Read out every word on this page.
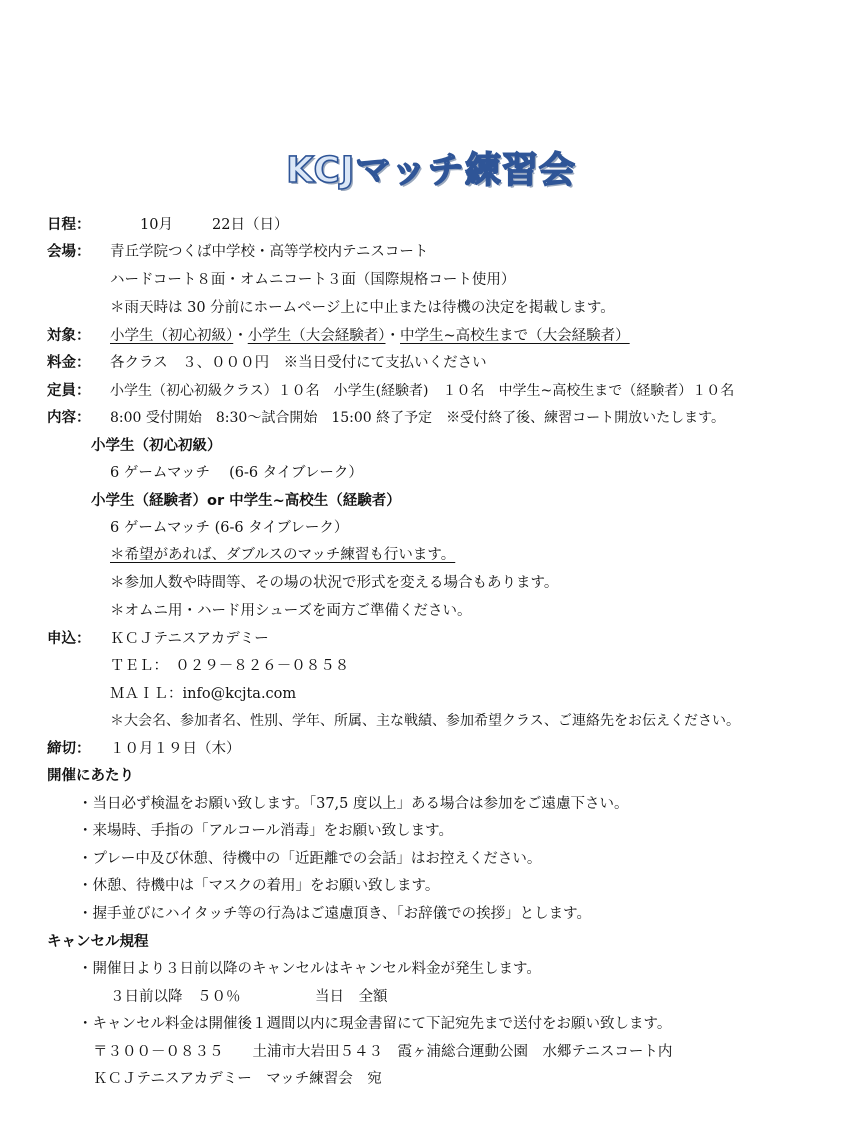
KCJマッチ練習会
日程：	10月	22日（日）
会場： 青丘学院つくば中学校・高等学校内テニスコート
ハードコート８面・オムニコート３面（国際規格コート使用）
＊雨天時は 30 分前にホームページ上に中止または待機の決定を掲載します。
対象： 小学生（初心初級）・小学生（大会経験者）・中学生~高校生まで（大会経験者）
料金： 各クラス　３、０００円　※当日受付にて支払いください
定員： 小学生（初心初級クラス）１０名　小学生(経験者)　１０名　中学生~高校生まで（経験者）１０名
内容： 8:00 受付開始　8:30～試合開始　15:00 終了予定　※受付終了後、練習コート開放いたします。
小学生（初心初級）
6 ゲームマッチ　 (6-6 タイブレーク）
小学生（経験者）or 中学生~高校生（経験者）
6 ゲームマッチ (6-6 タイブレーク）
＊希望があれば、ダブルスのマッチ練習も行います。
＊参加人数や時間等、その場の状況で形式を変える場合もあります。
＊オムニ用・ハード用シューズを両方ご準備ください。
申込： ＫＣＪテニスアカデミー
ＴＥＬ：　０２９－８２６－０８５８
ＭＡＩＬ：info@kcjta.com
＊大会名、参加者名、性別、学年、所属、主な戦績、参加希望クラス、ご連絡先をお伝えください。
締切： １０月１９日（木）
開催にあたり
・当日必ず検温をお願い致します。「37,5 度以上」ある場合は参加をご遠慮下さい。
・来場時、手指の「アルコール消毒」をお願い致します。
・プレー中及び休憩、待機中の「近距離での会話」はお控えください。
・休憩、待機中は「マスクの着用」をお願い致します。
・握手並びにハイタッチ等の行為はご遠慮頂き、「お辞儀での挨拶」とします。
キャンセル規程
・開催日より３日前以降のキャンセルはキャンセル料金が発生します。
３日前以降　５０％	当日　全額
・キャンセル料金は開催後１週間以内に現金書留にて下記宛先まで送付をお願い致します。
〒３００－０８３５　　土浦市大岩田５４３　霞ヶ浦総合運動公園　水郷テニスコート内
ＫＣＪテニスアカデミー　マッチ練習会　宛
